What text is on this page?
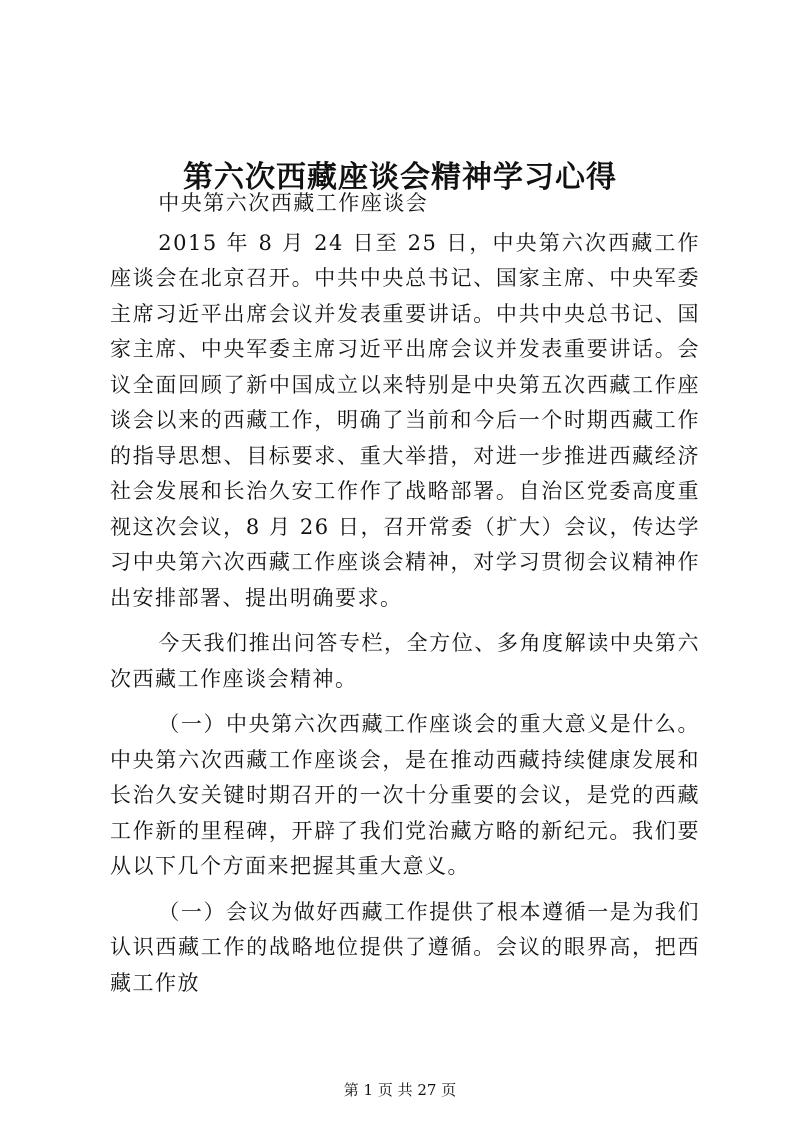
第六次西藏座谈会精神学习心得

中央第六次西藏工作座谈会

2015 年 8 月 24 日至 25 日，中央第六次西藏工作座谈会在北京召开。中共中央总书记、国家主席、中央军委主席习近平出席会议并发表重要讲话。中共中央总书记、国家主席、中央军委主席习近平出席会议并发表重要讲话。会议全面回顾了新中国成立以来特别是中央第五次西藏工作座谈会以来的西藏工作，明确了当前和今后一个时期西藏工作的指导思想、目标要求、重大举措，对进一步推进西藏经济社会发展和长治久安工作作了战略部署。自治区党委高度重视这次会议，8 月 26 日，召开常委（扩大）会议，传达学习中央第六次西藏工作座谈会精神，对学习贯彻会议精神作出安排部署、提出明确要求。

今天我们推出问答专栏，全方位、多角度解读中央第六次西藏工作座谈会精神。

（一）中央第六次西藏工作座谈会的重大意义是什么。中央第六次西藏工作座谈会，是在推动西藏持续健康发展和长治久安关键时期召开的一次十分重要的会议，是党的西藏工作新的里程碑，开辟了我们党治藏方略的新纪元。我们要从以下几个方面来把握其重大意义。

（一）会议为做好西藏工作提供了根本遵循一是为我们认识西藏工作的战略地位提供了遵循。会议的眼界高，把西藏工作放

第 1 页 共 27 页
